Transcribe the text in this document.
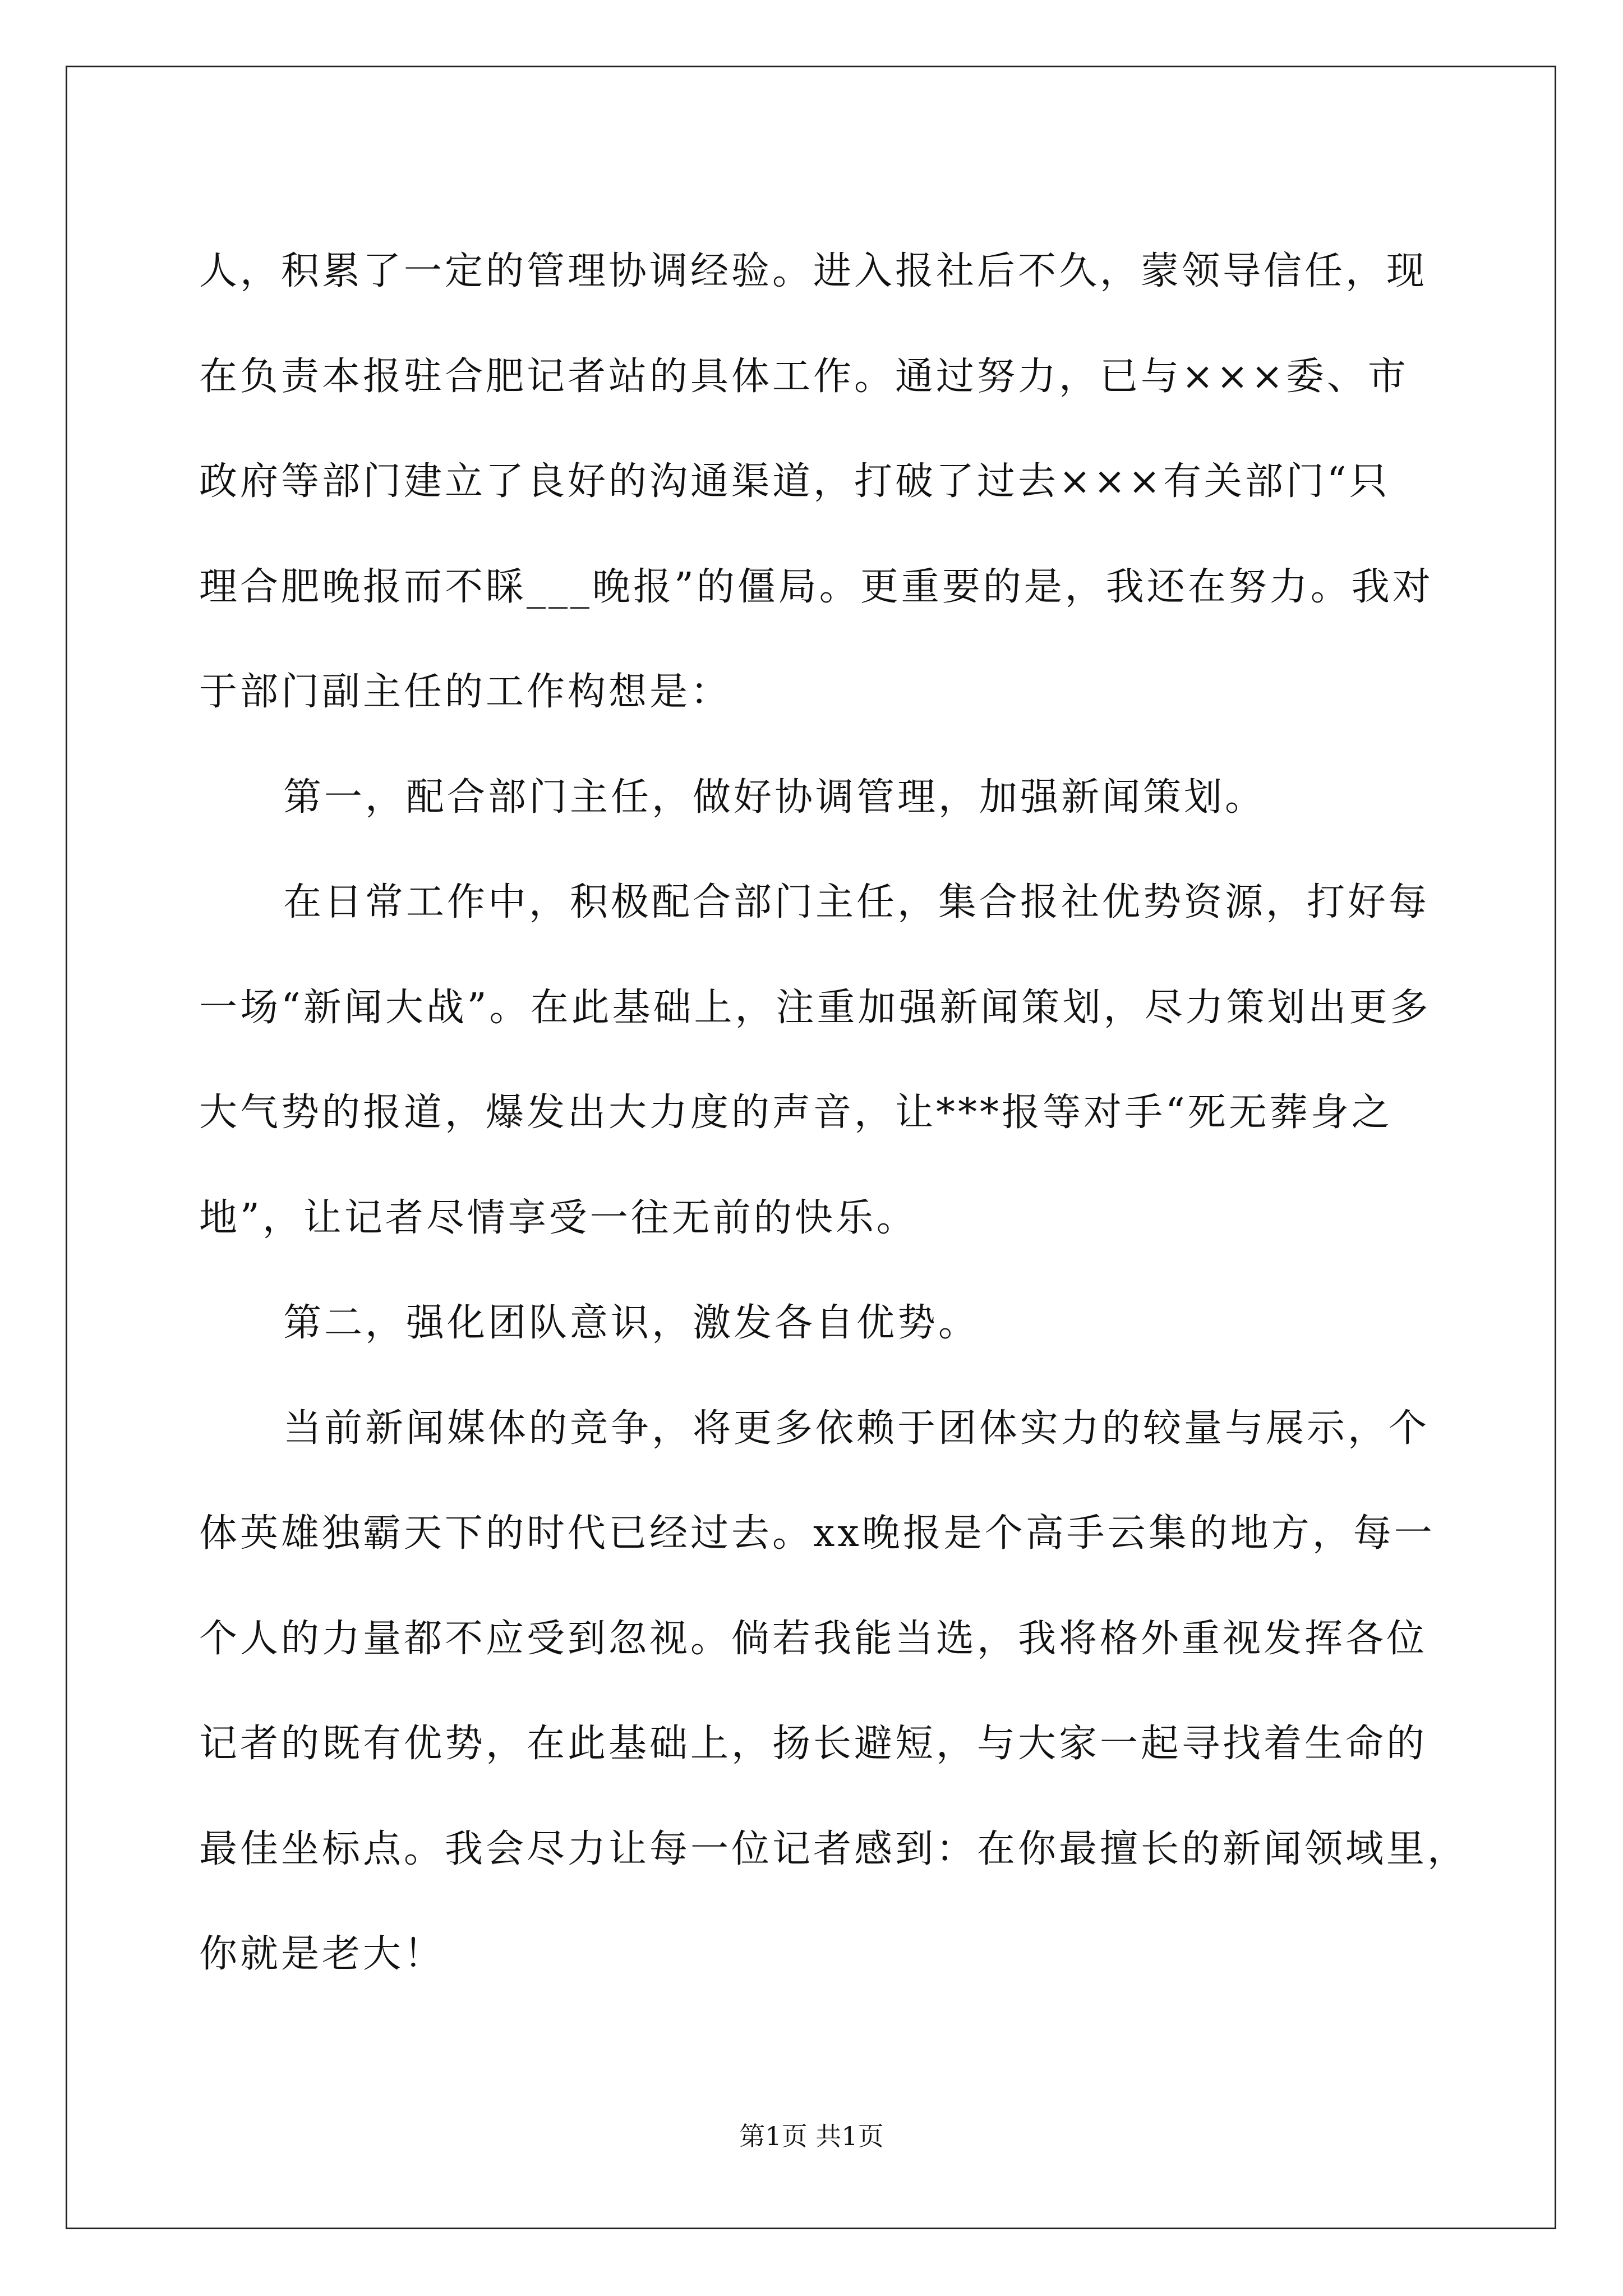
人，积累了一定的管理协调经验。进入报社后不久，蒙领导信任，现
在负责本报驻合肥记者站的具体工作。通过努力，已与×××委、市
政府等部门建立了良好的沟通渠道，打破了过去×××有关部门“只
理合肥晚报而不睬___晚报”的僵局。更重要的是，我还在努力。我对
于部门副主任的工作构想是：
第一，配合部门主任，做好协调管理，加强新闻策划。
在日常工作中，积极配合部门主任，集合报社优势资源，打好每
一场“新闻大战”。在此基础上，注重加强新闻策划，尽力策划出更多
大气势的报道，爆发出大力度的声音，让***报等对手“死无葬身之
地”，让记者尽情享受一往无前的快乐。
第二，强化团队意识，激发各自优势。
当前新闻媒体的竞争，将更多依赖于团体实力的较量与展示，个
体英雄独霸天下的时代已经过去。xx晚报是个高手云集的地方，每一
个人的力量都不应受到忽视。倘若我能当选，我将格外重视发挥各位
记者的既有优势，在此基础上，扬长避短，与大家一起寻找着生命的
最佳坐标点。我会尽力让每一位记者感到：在你最擅长的新闻领域里，
你就是老大！
第1页 共1页
